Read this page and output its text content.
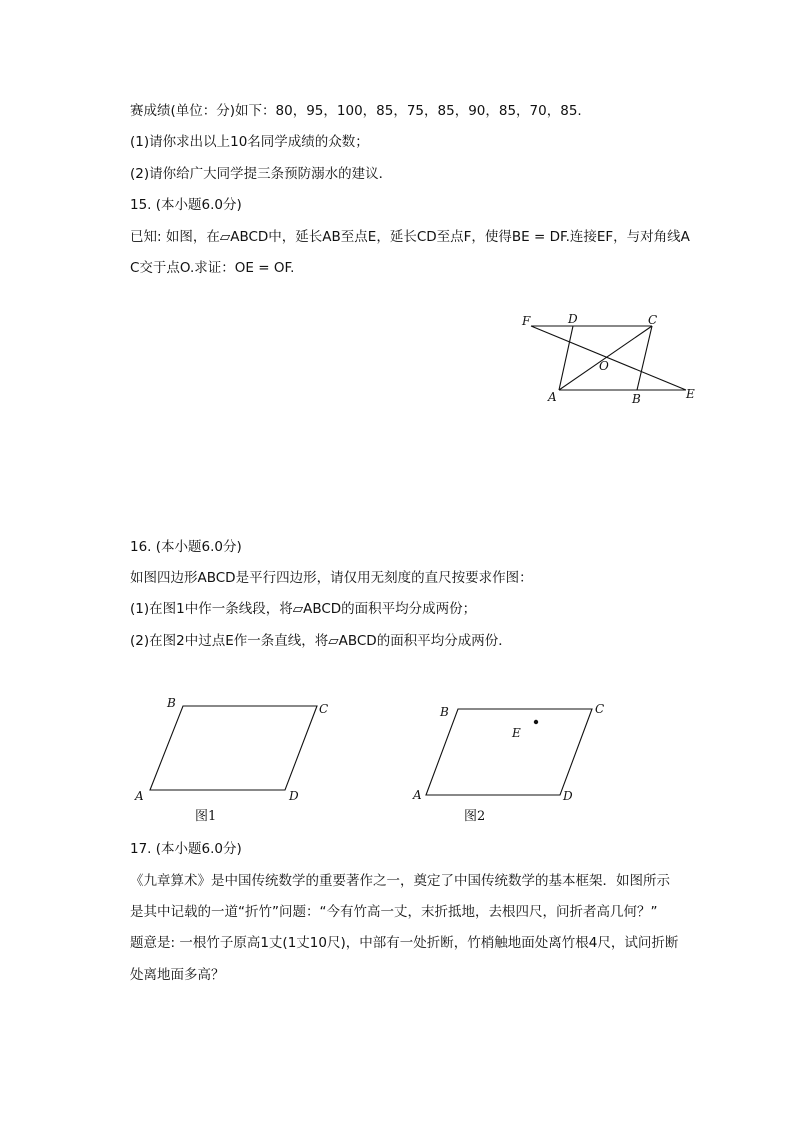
赛成绩(单位：分)如下：80，95，100，85，75，85，90，85，70，85.
(1)请你求出以上10名同学成绩的众数；
(2)请你给广大同学提三条预防溺水的建议．
15. (本小题6.0分)
已知: 如图，在▱ABCD中，延长AB至点E，延长CD至点F，使得BE = DF.连接EF，与对角线A
C交于点O.求证：OE = OF.
F	D	C
O
A	B	E
16. (本小题6.0分)
如图四边形ABCD是平行四边形，请仅用无刻度的直尺按要求作图：
(1)在图1中作一条线段，将▱ABCD的面积平均分成两份；
(2)在图2中过点E作一条直线，将▱ABCD的面积平均分成两份．
B	C
A	D
图1
B	C
E
A	D
图2
17. (本小题6.0分)
《九章算术》是中国传统数学的重要著作之一，奠定了中国传统数学的基本框架．如图所示
是其中记载的一道“折竹”问题：“今有竹高一丈，末折抵地，去根四尺，问折者高几何？”
题意是: 一根竹子原高1丈(1丈10尺)，中部有一处折断，竹梢触地面处离竹根4尺，试问折断
处离地面多高？
